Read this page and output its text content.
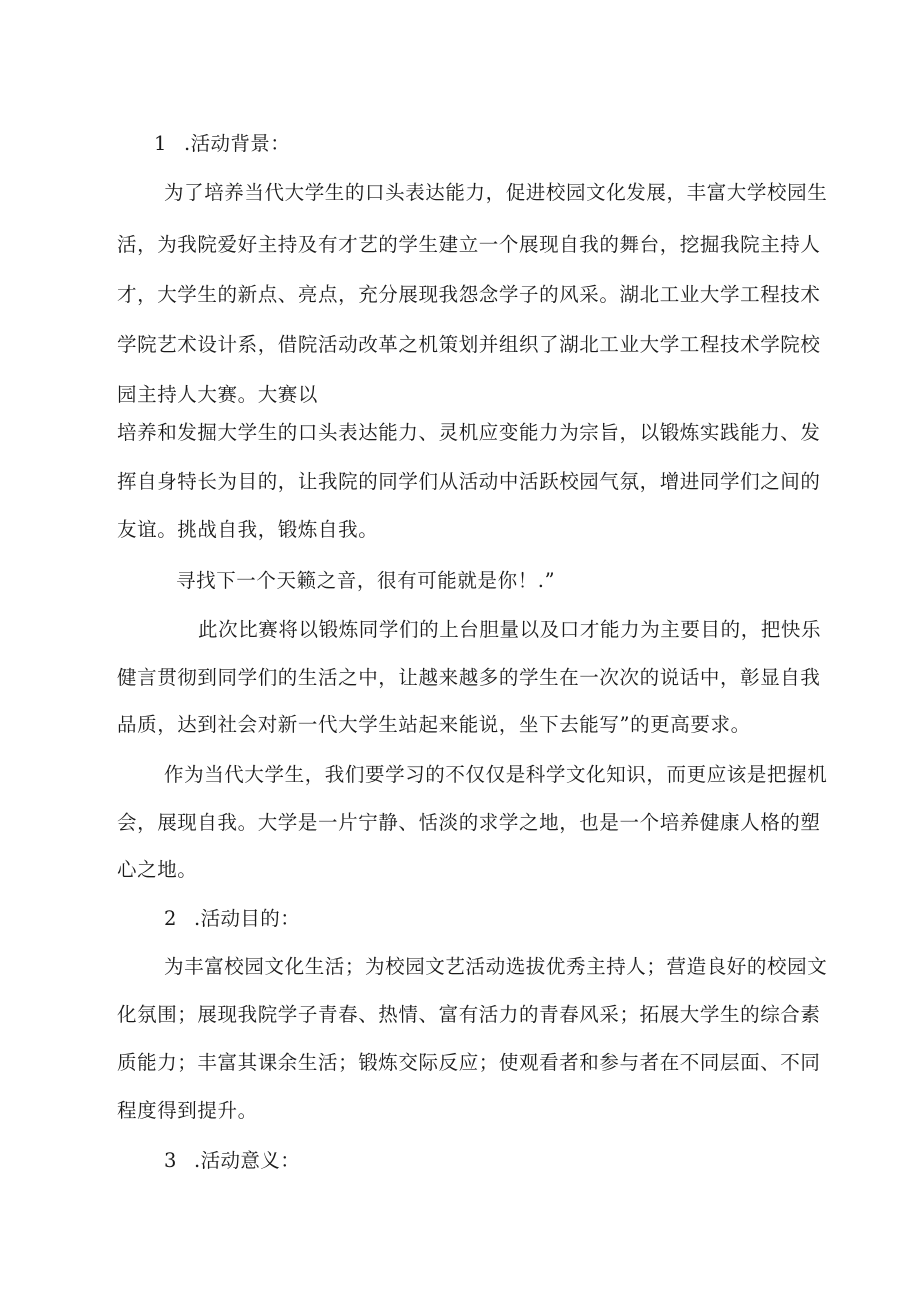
1 .活动背景：
为了培养当代大学生的口头表达能力，促进校园文化发展，丰富大学校园生
活，为我院爱好主持及有才艺的学生建立一个展现自我的舞台，挖掘我院主持人
才，大学生的新点、亮点，充分展现我怨念学子的风采。湖北工业大学工程技术
学院艺术设计系，借院活动改革之机策划并组织了湖北工业大学工程技术学院校
园主持人大赛。大赛以
培养和发掘大学生的口头表达能力、灵机应变能力为宗旨，以锻炼实践能力、发
挥自身特长为目的，让我院的同学们从活动中活跃校园气氛，增进同学们之间的
友谊。挑战自我，锻炼自我。
寻找下一个天籁之音，很有可能就是你！.”
此次比赛将以锻炼同学们的上台胆量以及口才能力为主要目的，把快乐
健言贯彻到同学们的生活之中，让越来越多的学生在一次次的说话中，彰显自我
品质，达到社会对新一代大学生站起来能说，坐下去能写”的更高要求。
作为当代大学生，我们要学习的不仅仅是科学文化知识，而更应该是把握机
会，展现自我。大学是一片宁静、恬淡的求学之地，也是一个培养健康人格的塑
心之地。
2 .活动目的：
为丰富校园文化生活；为校园文艺活动选拔优秀主持人；营造良好的校园文
化氛围；展现我院学子青春、热情、富有活力的青春风采；拓展大学生的综合素
质能力；丰富其课余生活；锻炼交际反应；使观看者和参与者在不同层面、不同
程度得到提升。
3 .活动意义：
